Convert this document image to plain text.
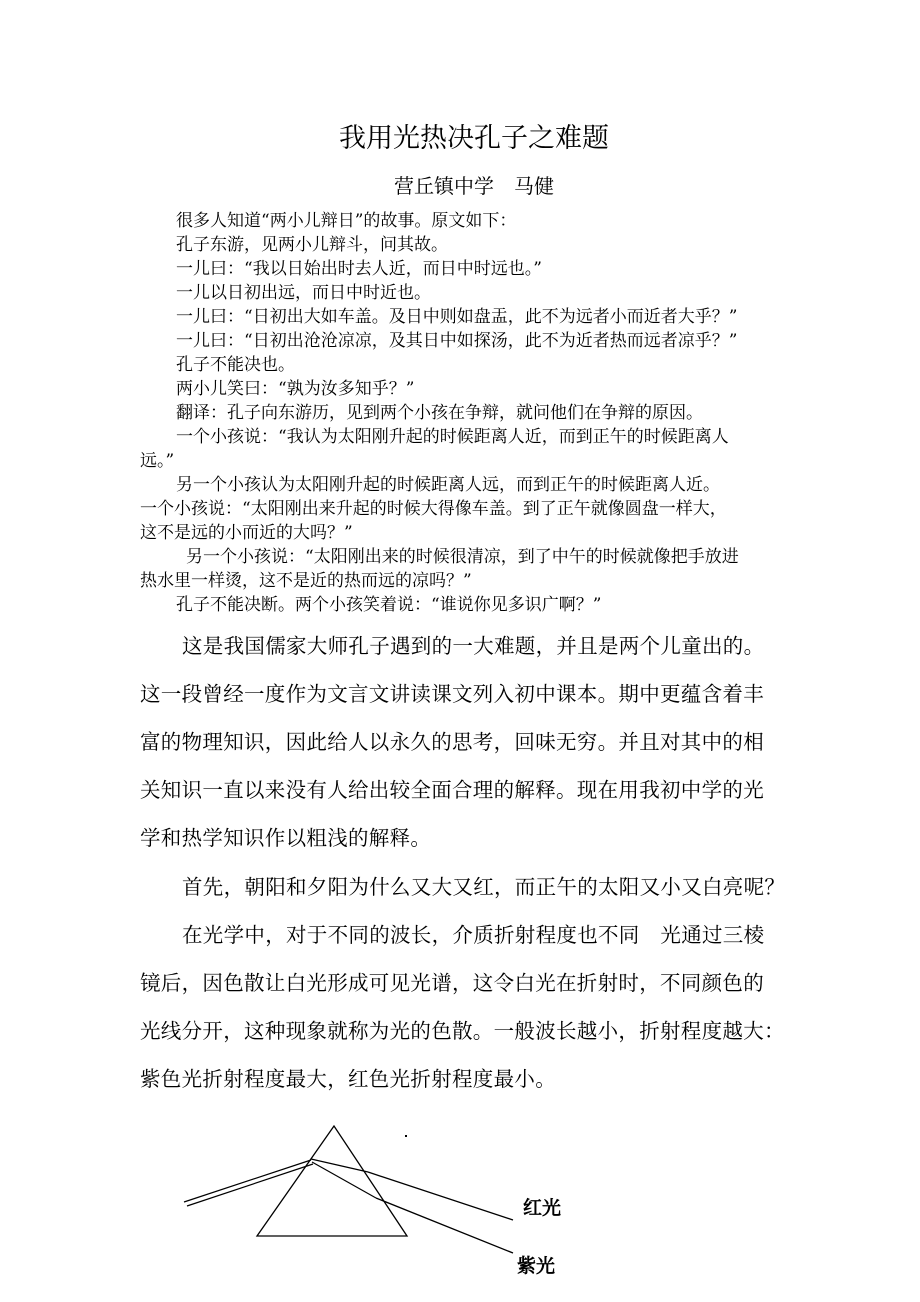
我用光热决孔子之难题
营丘镇中学　马健
很多人知道“两小儿辩日”的故事。原文如下：
孔子东游，见两小儿辩斗，问其故。
一儿曰：“我以日始出时去人近，而日中时远也。”
一儿以日初出远，而日中时近也。
一儿曰：“日初出大如车盖。及日中则如盘盂，此不为远者小而近者大乎？”
一儿曰：“日初出沧沧凉凉，及其日中如探汤，此不为近者热而远者凉乎？”
孔子不能决也。
两小儿笑曰：“孰为汝多知乎？”
翻译：孔子向东游历，见到两个小孩在争辩，就问他们在争辩的原因。
一个小孩说：“我认为太阳刚升起的时候距离人近，而到正午的时候距离人
远。”
另一个小孩认为太阳刚升起的时候距离人远，而到正午的时候距离人近。
一个小孩说：“太阳刚出来升起的时候大得像车盖。到了正午就像圆盘一样大，
这不是远的小而近的大吗？”
另一个小孩说：“太阳刚出来的时候很清凉，到了中午的时候就像把手放进
热水里一样烫，这不是近的热而远的凉吗？”
孔子不能决断。两个小孩笑着说：“谁说你见多识广啊？”
这是我国儒家大师孔子遇到的一大难题，并且是两个儿童出的。
这一段曾经一度作为文言文讲读课文列入初中课本。期中更蕴含着丰
富的物理知识，因此给人以永久的思考，回味无穷。并且对其中的相
关知识一直以来没有人给出较全面合理的解释。现在用我初中学的光
学和热学知识作以粗浅的解释。
首先，朝阳和夕阳为什么又大又红，而正午的太阳又小又白亮呢？
在光学中，对于不同的波长，介质折射程度也不同　光通过三棱
镜后，因色散让白光形成可见光谱，这令白光在折射时，不同颜色的
光线分开，这种现象就称为光的色散。一般波长越小，折射程度越大：
紫色光折射程度最大，红色光折射程度最小。
红光
紫光
